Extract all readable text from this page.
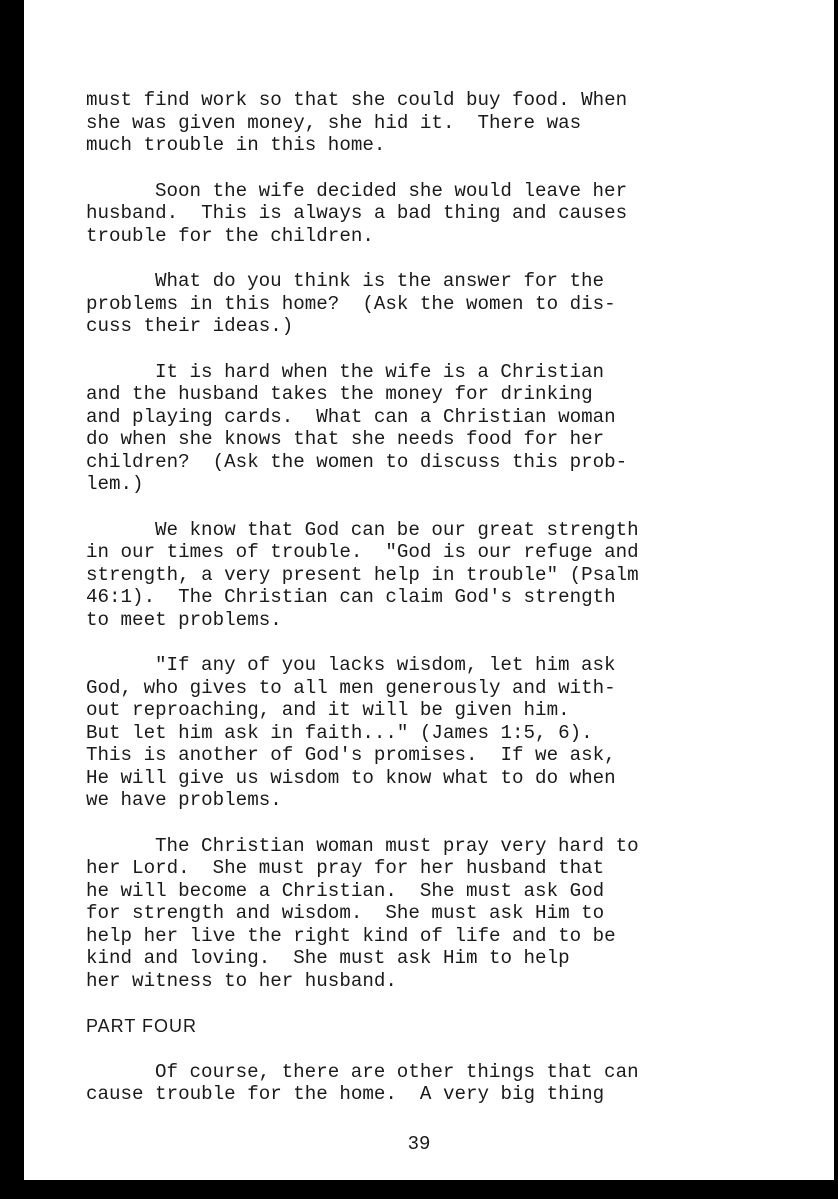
must find work so that she could buy food. When
she was given money, she hid it.  There was
much trouble in this home.
Soon the wife decided she would leave her
husband.  This is always a bad thing and causes
trouble for the children.
What do you think is the answer for the
problems in this home?  (Ask the women to dis-
cuss their ideas.)
It is hard when the wife is a Christian
and the husband takes the money for drinking
and playing cards.  What can a Christian woman
do when she knows that she needs food for her
children?  (Ask the women to discuss this prob-
lem.)
We know that God can be our great strength
in our times of trouble.  "God is our refuge and
strength, a very present help in trouble" (Psalm
46:1).  The Christian can claim God's strength
to meet problems.
"If any of you lacks wisdom, let him ask
God, who gives to all men generously and with-
out reproaching, and it will be given him.
But let him ask in faith..." (James 1:5, 6).
This is another of God's promises.  If we ask,
He will give us wisdom to know what to do when
we have problems.
The Christian woman must pray very hard to
her Lord.  She must pray for her husband that
he will become a Christian.  She must ask God
for strength and wisdom.  She must ask Him to
help her live the right kind of life and to be
kind and loving.  She must ask Him to help
her witness to her husband.
PART FOUR
Of course, there are other things that can
cause trouble for the home.  A very big thing
39
